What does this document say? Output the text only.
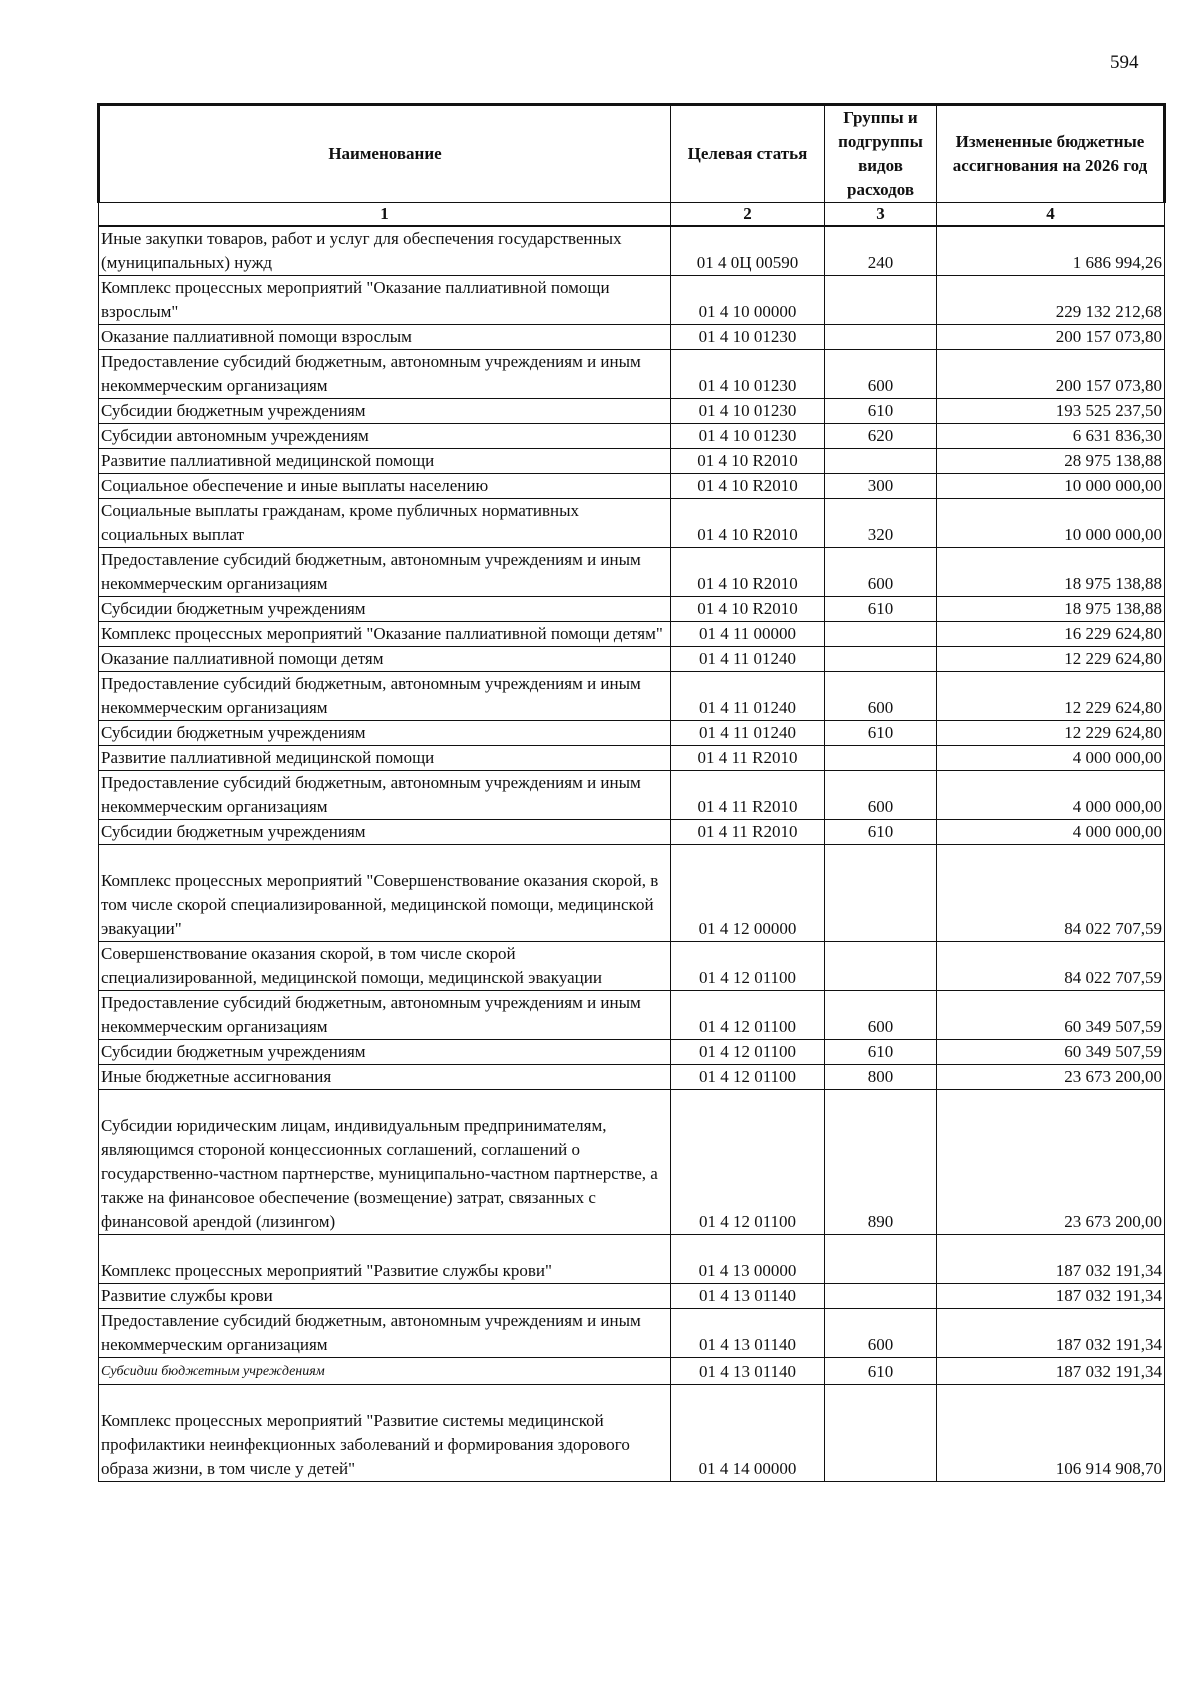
594
Наименование	Целевая статья	Группы и подгруппы видов расходов	Измененные бюджетные ассигнования на 2026 год
1	2	3	4
Иные закупки товаров, работ и услуг для обеспечения государственных (муниципальных) нужд	01 4 0Ц 00590	240	1 686 994,26
Комплекс процессных мероприятий "Оказание паллиативной помощи взрослым"	01 4 10 00000		229 132 212,68
Оказание паллиативной помощи взрослым	01 4 10 01230		200 157 073,80
Предоставление субсидий бюджетным, автономным учреждениям и иным некоммерческим организациям	01 4 10 01230	600	200 157 073,80
Субсидии бюджетным учреждениям	01 4 10 01230	610	193 525 237,50
Субсидии автономным учреждениям	01 4 10 01230	620	6 631 836,30
Развитие паллиативной медицинской помощи	01 4 10 R2010		28 975 138,88
Социальное обеспечение и иные выплаты населению	01 4 10 R2010	300	10 000 000,00
Социальные выплаты гражданам, кроме публичных нормативных социальных выплат	01 4 10 R2010	320	10 000 000,00
Предоставление субсидий бюджетным, автономным учреждениям и иным некоммерческим организациям	01 4 10 R2010	600	18 975 138,88
Субсидии бюджетным учреждениям	01 4 10 R2010	610	18 975 138,88
Комплекс процессных мероприятий "Оказание паллиативной помощи детям"	01 4 11 00000		16 229 624,80
Оказание паллиативной помощи детям	01 4 11 01240		12 229 624,80
Предоставление субсидий бюджетным, автономным учреждениям и иным некоммерческим организациям	01 4 11 01240	600	12 229 624,80
Субсидии бюджетным учреждениям	01 4 11 01240	610	12 229 624,80
Развитие паллиативной медицинской помощи	01 4 11 R2010		4 000 000,00
Предоставление субсидий бюджетным, автономным учреждениям и иным некоммерческим организациям	01 4 11 R2010	600	4 000 000,00
Субсидии бюджетным учреждениям	01 4 11 R2010	610	4 000 000,00
Комплекс процессных мероприятий "Совершенствование оказания скорой, в том числе скорой специализированной, медицинской помощи, медицинской эвакуации"	01 4 12 00000		84 022 707,59
Совершенствование оказания скорой, в том числе скорой специализированной, медицинской помощи, медицинской эвакуации	01 4 12 01100		84 022 707,59
Предоставление субсидий бюджетным, автономным учреждениям и иным некоммерческим организациям	01 4 12 01100	600	60 349 507,59
Субсидии бюджетным учреждениям	01 4 12 01100	610	60 349 507,59
Иные бюджетные ассигнования	01 4 12 01100	800	23 673 200,00
Субсидии юридическим лицам, индивидуальным предпринимателям, являющимся стороной концессионных соглашений, соглашений о государственно-частном партнерстве, муниципально-частном партнерстве, а также на финансовое обеспечение (возмещение) затрат, связанных с финансовой арендой (лизингом)	01 4 12 01100	890	23 673 200,00
Комплекс процессных мероприятий "Развитие службы крови"	01 4 13 00000		187 032 191,34
Развитие службы крови	01 4 13 01140		187 032 191,34
Предоставление субсидий бюджетным, автономным учреждениям и иным некоммерческим организациям	01 4 13 01140	600	187 032 191,34
Субсидии бюджетным учреждениям	01 4 13 01140	610	187 032 191,34
Комплекс процессных мероприятий "Развитие системы медицинской профилактики неинфекционных заболеваний и формирования здорового образа жизни, в том числе у детей"	01 4 14 00000		106 914 908,70
